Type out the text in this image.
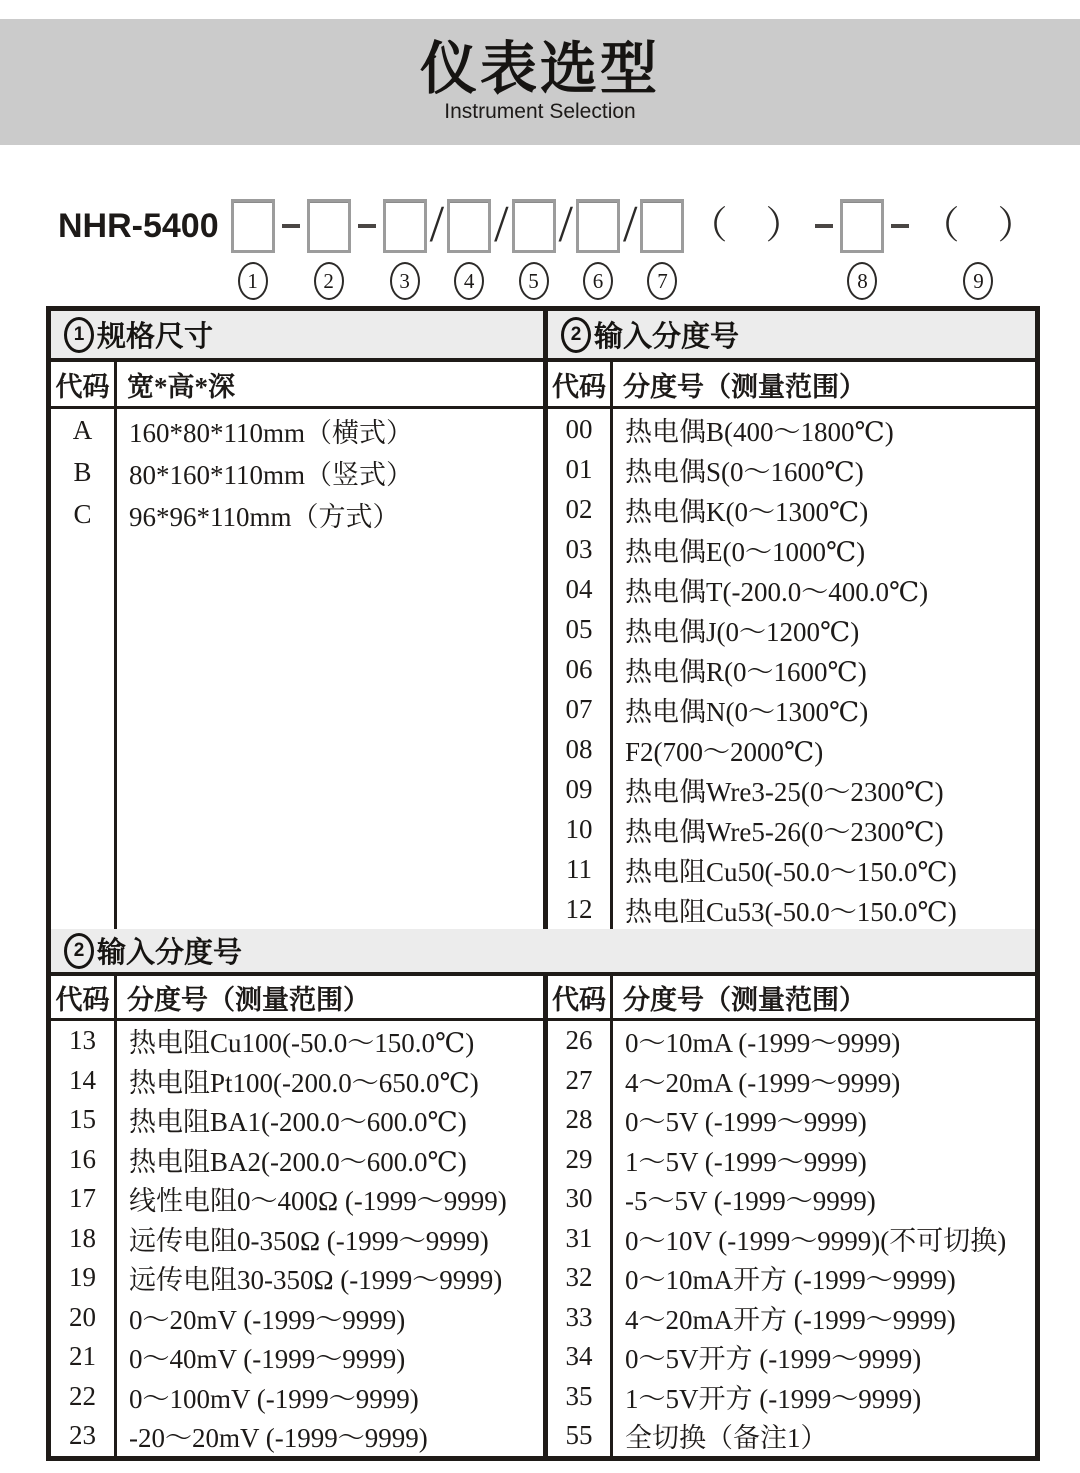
仪表选型
Instrument Selection
NHR-5400
1	2	3
/
4
/
5
/
6
/
7
（　）
8
（　）
9
1 规格尺寸
代码 宽*高*深
A
B
C
160*80*110mm（横式）
80*160*110mm（竖式）
96*96*110mm（方式）
2 输入分度号
代码 分度号（测量范围）
00
01
02
03
04
05
06
07
08
09
10
11
12
热电偶B(400～1800℃)
热电偶S(0～1600℃)
热电偶K(0～1300℃)
热电偶E(0～1000℃)
热电偶T(-200.0～400.0℃)
热电偶J(0～1200℃)
热电偶R(0～1600℃)
热电偶N(0～1300℃)
F2(700～2000℃)
热电偶Wre3-25(0～2300℃)
热电偶Wre5-26(0～2300℃)
热电阻Cu50(-50.0～150.0℃)
热电阻Cu53(-50.0～150.0℃)
2 输入分度号
代码 分度号（测量范围）
13
14
15
16
17
18
19
20
21
22
23
热电阻Cu100(-50.0～150.0℃)
热电阻Pt100(-200.0～650.0℃)
热电阻BA1(-200.0～600.0℃)
热电阻BA2(-200.0～600.0℃)
线性电阻0～400Ω (-1999～9999)
远传电阻0-350Ω (-1999～9999)
远传电阻30-350Ω (-1999～9999)
0～20mV (-1999～9999)
0～40mV (-1999～9999)
0～100mV (-1999～9999)
-20～20mV (-1999～9999)
代码 分度号（测量范围）
26
27
28
29
30
31
32
33
34
35
55
0～10mA (-1999～9999)
4～20mA (-1999～9999)
0～5V (-1999～9999)
1～5V (-1999～9999)
-5～5V (-1999～9999)
0～10V (-1999～9999)(不可切换)
0～10mA开方 (-1999～9999)
4～20mA开方 (-1999～9999)
0～5V开方 (-1999～9999)
1～5V开方 (-1999～9999)
全切换（备注1）
